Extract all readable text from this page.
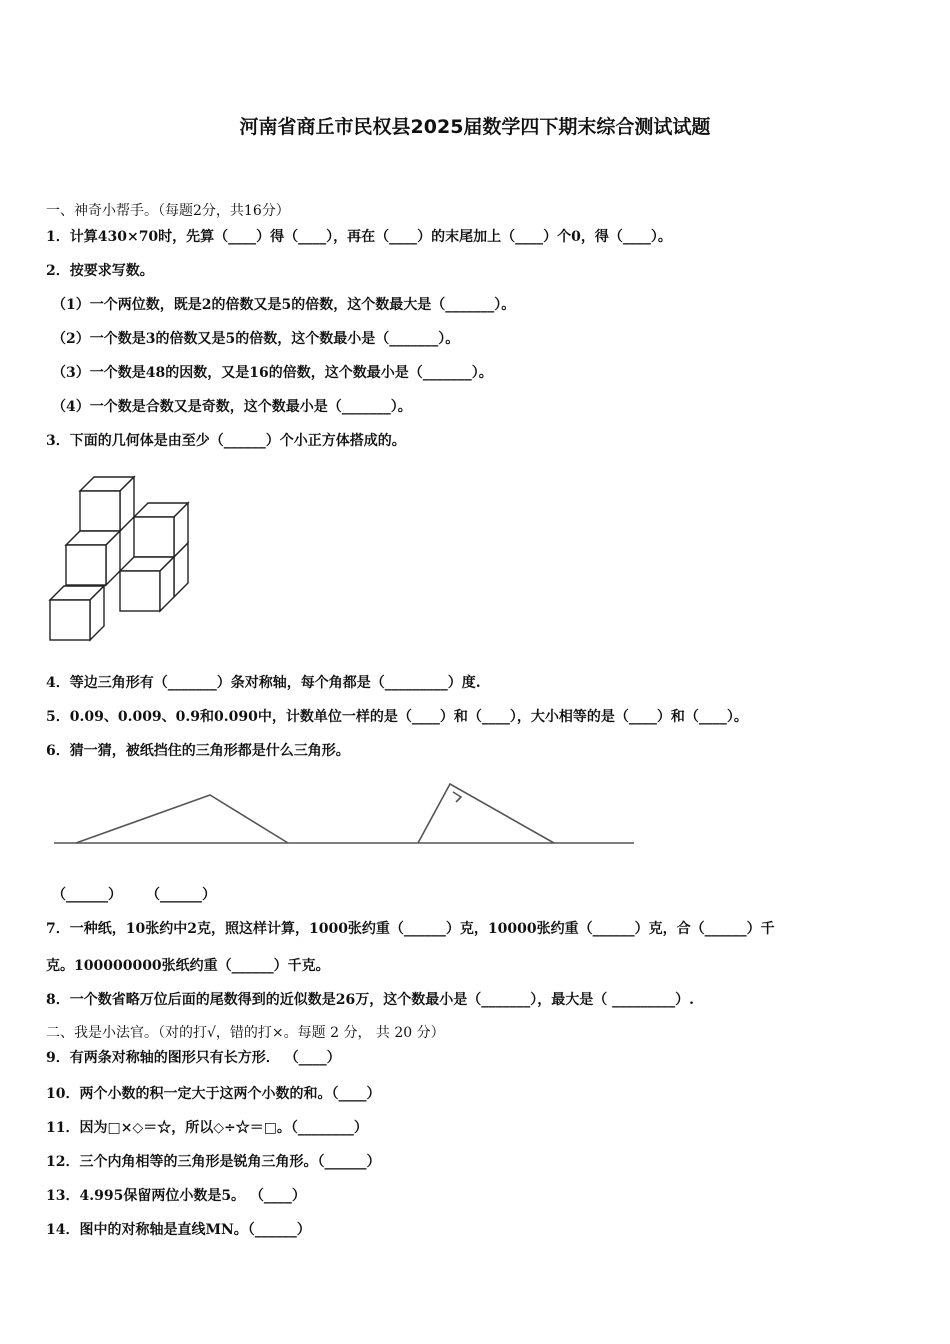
河南省商丘市民权县2025届数学四下期末综合测试试题
一、神奇小帮手。（每题2分，共16分）
1．计算430×70时，先算（____）得（____），再在（____）的末尾加上（____）个0，得（____）。
2．按要求写数。
（1）一个两位数，既是2的倍数又是5的倍数，这个数最大是（_______）。
（2）一个数是3的倍数又是5的倍数，这个数最小是（_______）。
（3）一个数是48的因数，又是16的倍数，这个数最小是（_______）。
（4）一个数是合数又是奇数，这个数最小是（_______）。
3．下面的几何体是由至少（______）个小正方体搭成的。
4．等边三角形有（_______）条对称轴，每个角都是（_________）度.
5．0.09、0.009、0.9和0.090中，计数单位一样的是（____）和（____），大小相等的是（____）和（____）。
6．猜一猜，被纸挡住的三角形都是什么三角形。
（______） （______）
7．一种纸，10张约中2克，照这样计算，1000张约重（______）克，10000张约重（______）克，合（______）千
克。100000000张纸约重（______）千克。
8．一个数省略万位后面的尾数得到的近似数是26万，这个数最小是（_______），最大是（ _________）.
二、我是小法官。（对的打√，错的打×。每题 2 分， 共 20 分）
9．有两条对称轴的图形只有长方形． （____）
10．两个小数的积一定大于这两个小数的和。（____）
11．因为□×◇＝☆，所以◇÷☆＝□。（________）
12．三个内角相等的三角形是锐角三角形。（______）
13．4.995保留两位小数是5。 （____）
14．图中的对称轴是直线MN。（______）
